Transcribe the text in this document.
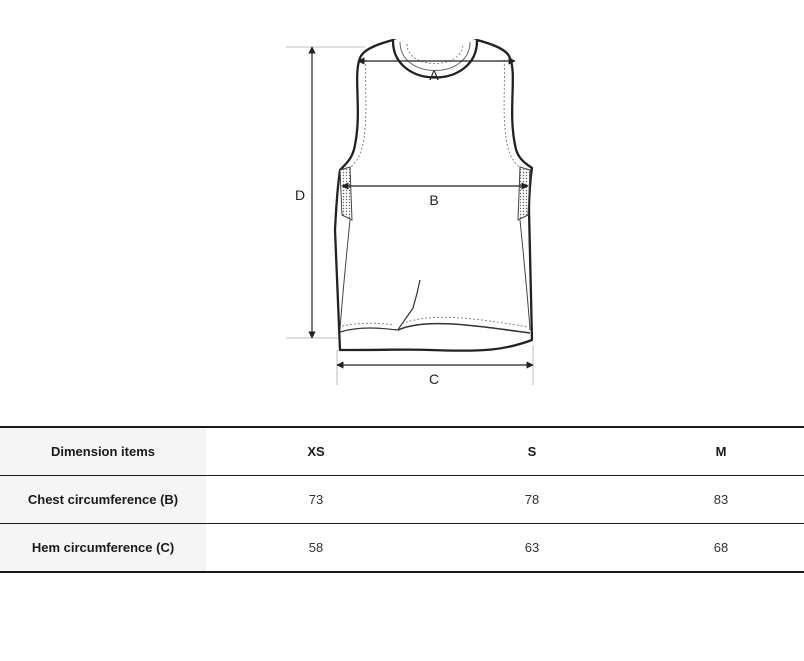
A
B
C
D
Dimension items	XS	S	M
Chest circumference (B)	73	78	83
Hem circumference (C)	58	63	68
